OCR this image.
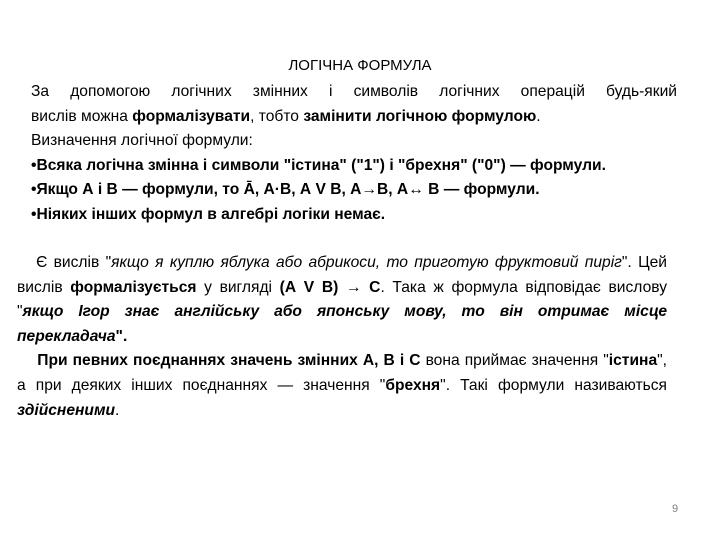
ЛОГІЧНА ФОРМУЛА

За допомогою логічних змінних і символів логічних операцій будь-який

вислів можна формалізувати, тобто замінити логічною формулою.

Визначення логічної формули:

•Всяка логічна змінна і символи "істина" ("1") і "брехня" ("0") — формули.

•Якщо А і В — формули, то Ā, А·В, А V В, А→В, А↔ В — формули.

•Ніяких інших формул в алгебрі логіки немає.

Є вислів "якщо я куплю яблука або абрикоси, то приготую фруктовий пиріг". Цей вислів формалізується у вигляді (А V В) → С. Така ж формула відповідає вислову "якщо Ігор знає англійську або японську мову, то він отримає місце перекладача".

При певних поєднаннях значень змінних А, В і С вона приймає значення "істина", а при деяких інших поєднаннях — значення "брехня". Такі формули називаються здійсненими.

9
